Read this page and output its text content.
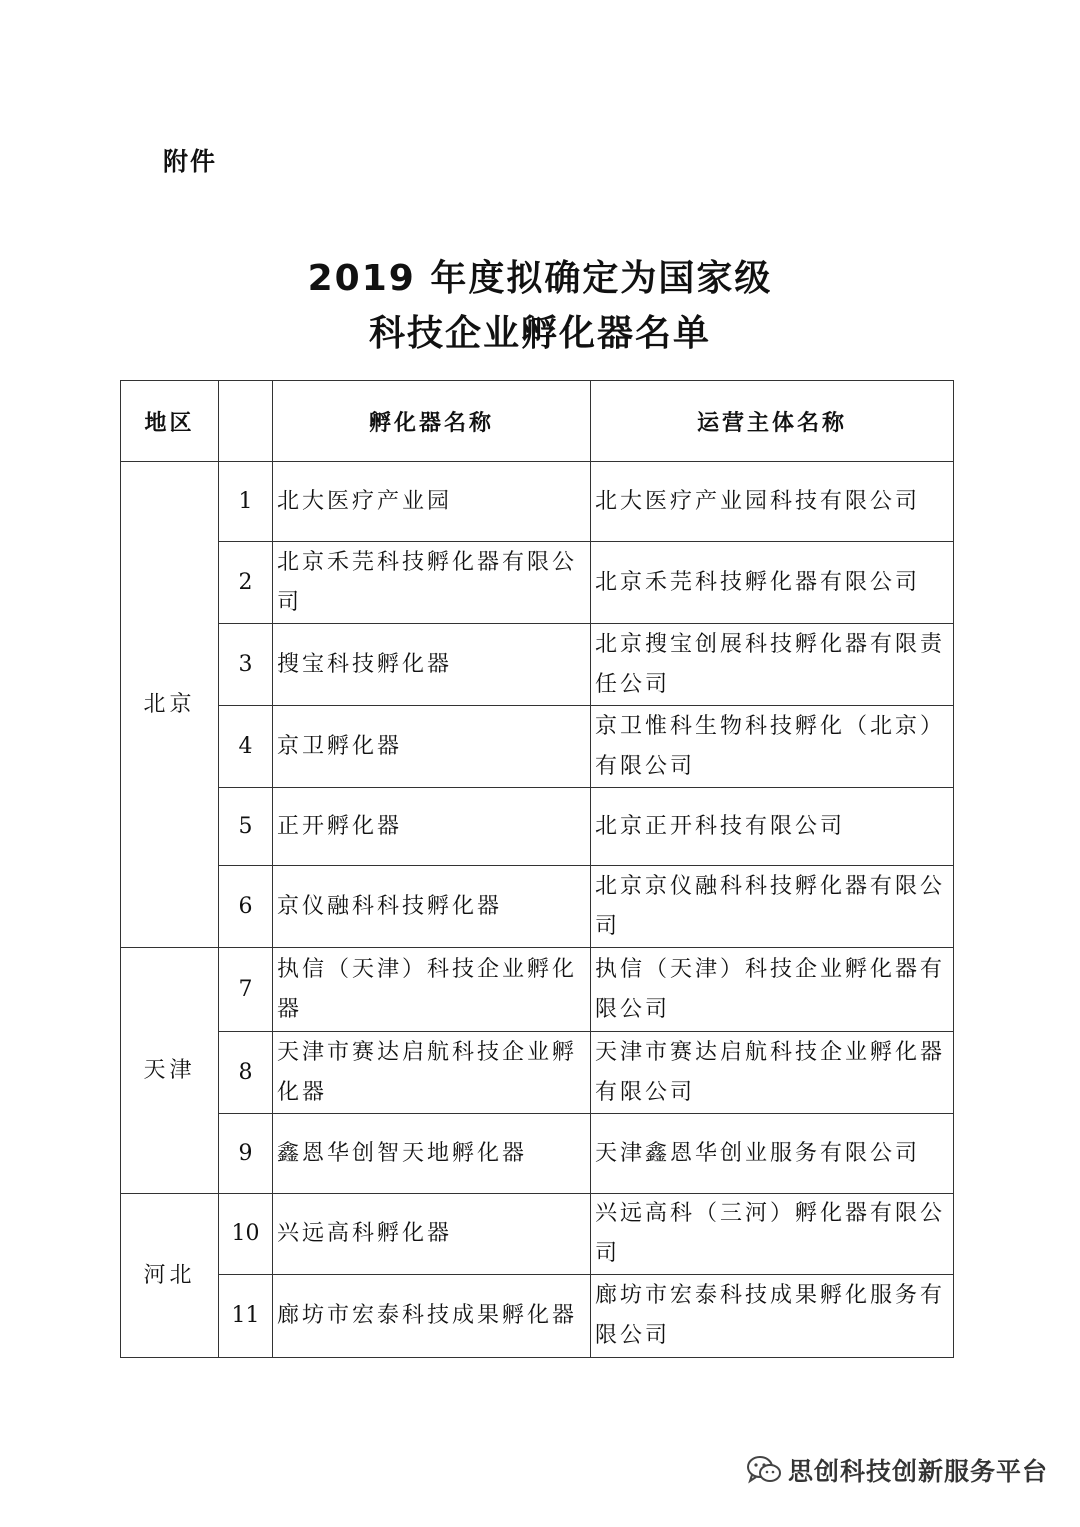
附件
2019 年度拟确定为国家级
科技企业孵化器名单
地区		孵化器名称	运营主体名称
北京	1	北大医疗产业园	北大医疗产业园科技有限公司
	2	北京禾芫科技孵化器有限公司	北京禾芫科技孵化器有限公司
	3	搜宝科技孵化器	北京搜宝创展科技孵化器有限责任公司
	4	京卫孵化器	京卫惟科生物科技孵化（北京）有限公司
	5	正开孵化器	北京正开科技有限公司
	6	京仪融科科技孵化器	北京京仪融科科技孵化器有限公司
天津	7	执信（天津）科技企业孵化器	执信（天津）科技企业孵化器有限公司
	8	天津市赛达启航科技企业孵化器	天津市赛达启航科技企业孵化器有限公司
	9	鑫恩华创智天地孵化器	天津鑫恩华创业服务有限公司
河北	10	兴远高科孵化器	兴远高科（三河）孵化器有限公司
	11	廊坊市宏泰科技成果孵化器	廊坊市宏泰科技成果孵化服务有限公司
思创科技创新服务平台
